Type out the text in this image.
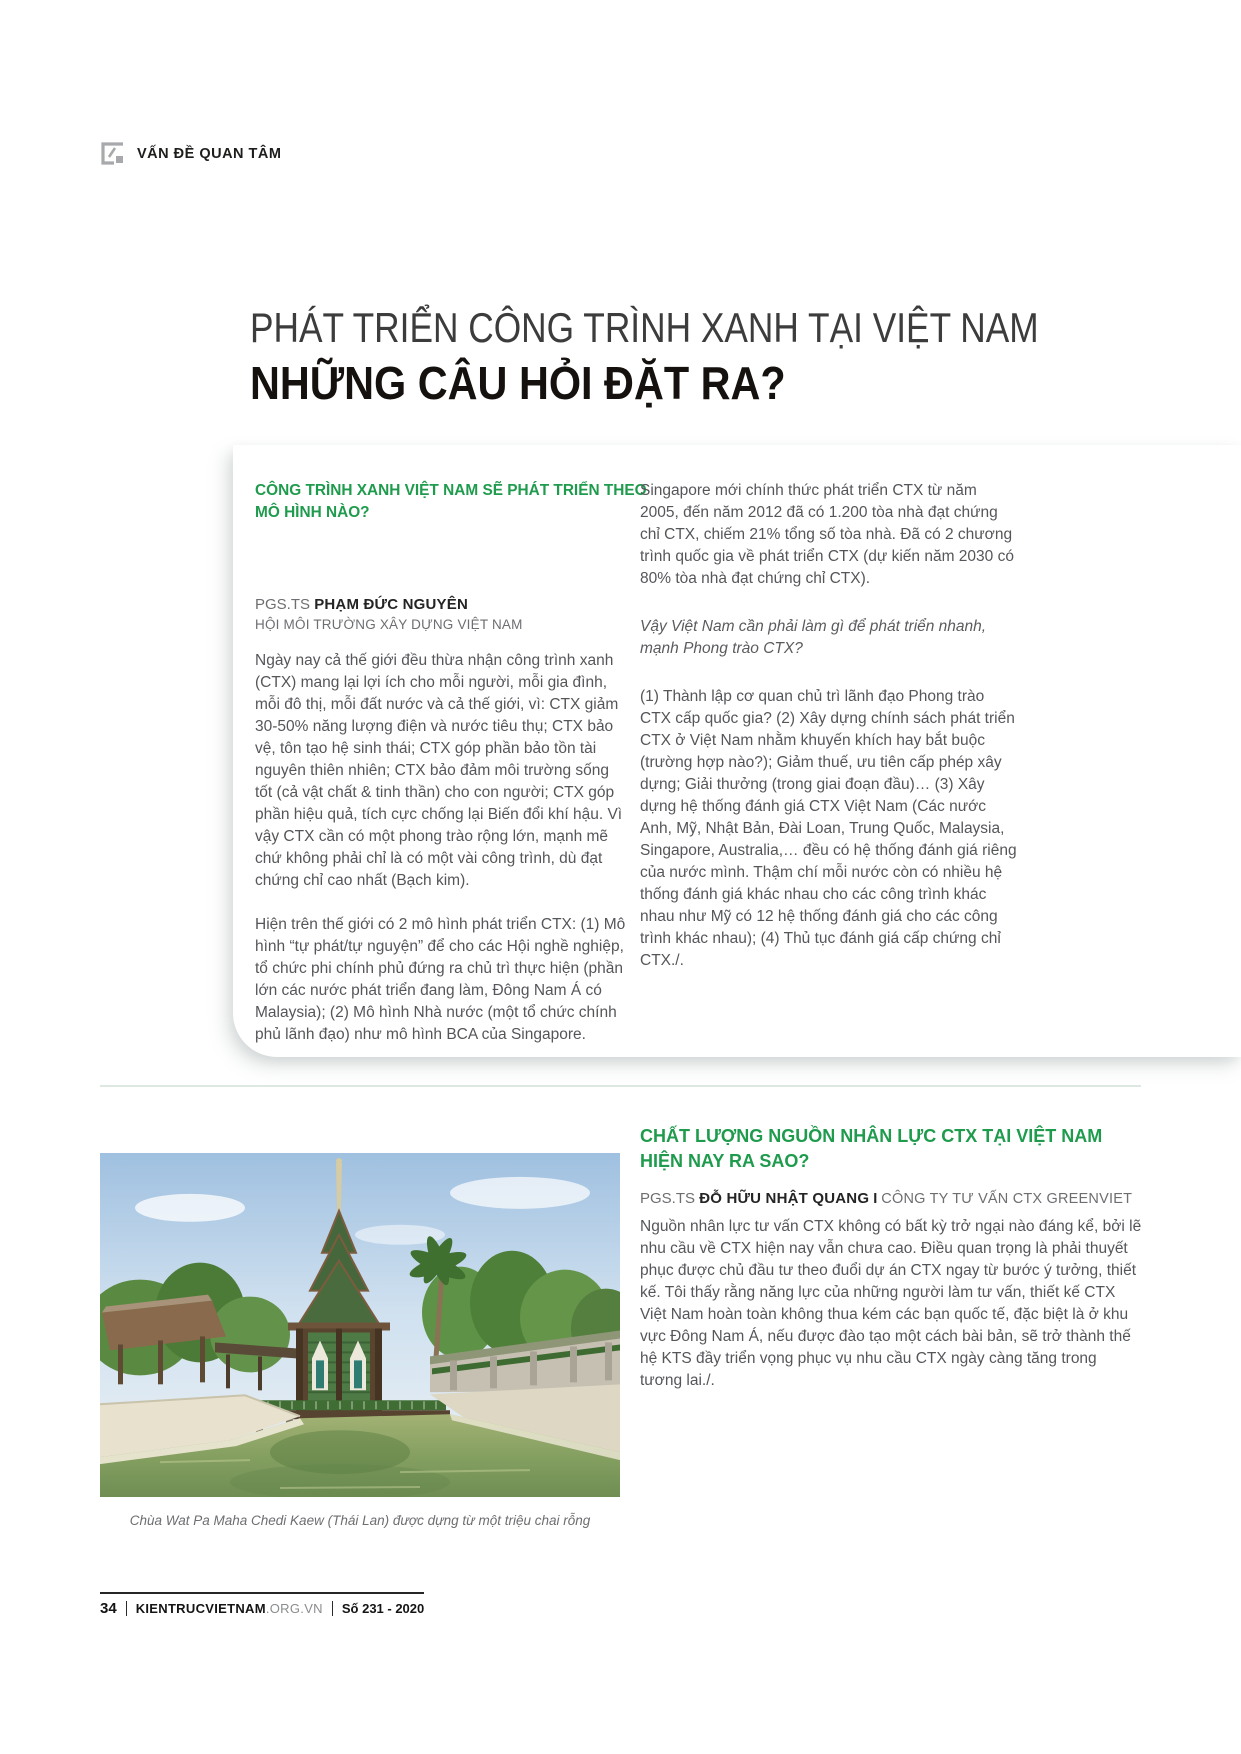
VẤN ĐỀ QUAN TÂM
PHÁT TRIỂN CÔNG TRÌNH XANH TẠI VIỆT NAM
NHỮNG CÂU HỎI ĐẶT RA?
CÔNG TRÌNH XANH VIỆT NAM SẼ PHÁT TRIỂN THEO MÔ HÌNH NÀO?
PGS.TS PHẠM ĐỨC NGUYÊN
HỘI MÔI TRƯỜNG XÂY DỰNG VIỆT NAM

Ngày nay cả thế giới đều thừa nhận công trình xanh (CTX) mang lại lợi ích cho mỗi người, mỗi gia đình, mỗi đô thị, mỗi đất nước và cả thế giới, vì: CTX giảm 30-50% năng lượng điện và nước tiêu thụ; CTX bảo vệ, tôn tạo hệ sinh thái; CTX góp phần bảo tồn tài nguyên thiên nhiên; CTX bảo đảm môi trường sống tốt (cả vật chất & tinh thần) cho con người; CTX góp phần hiệu quả, tích cực chống lại Biến đổi khí hậu. Vì vậy CTX cần có một phong trào rộng lớn, mạnh mẽ chứ không phải chỉ là có một vài công trình, dù đạt chứng chỉ cao nhất (Bạch kim).

Hiện trên thế giới có 2 mô hình phát triển CTX: (1) Mô hình “tự phát/tự nguyện” để cho các Hội nghề nghiệp, tổ chức phi chính phủ đứng ra chủ trì thực hiện (phần lớn các nước phát triển đang làm, Đông Nam Á có Malaysia); (2) Mô hình Nhà nước (một tổ chức chính phủ lãnh đạo) như mô hình BCA của Singapore.

Singapore mới chính thức phát triển CTX từ năm 2005, đến năm 2012 đã có 1.200 tòa nhà đạt chứng chỉ CTX, chiếm 21% tổng số tòa nhà. Đã có 2 chương trình quốc gia về phát triển CTX (dự kiến năm 2030 có 80% tòa nhà đạt chứng chỉ CTX).

Vậy Việt Nam cần phải làm gì để phát triển nhanh, mạnh Phong trào CTX?

(1) Thành lập cơ quan chủ trì lãnh đạo Phong trào CTX cấp quốc gia? (2) Xây dựng chính sách phát triển CTX ở Việt Nam nhằm khuyến khích hay bắt buộc (trường hợp nào?); Giảm thuế, ưu tiên cấp phép xây dựng; Giải thưởng (trong giai đoạn đầu)… (3) Xây dựng hệ thống đánh giá CTX Việt Nam (Các nước Anh, Mỹ, Nhật Bản, Đài Loan, Trung Quốc, Malaysia, Singapore, Australia,… đều có hệ thống đánh giá riêng của nước mình. Thậm chí mỗi nước còn có nhiều hệ thống đánh giá khác nhau cho các công trình khác nhau như Mỹ có 12 hệ thống đánh giá cho các công trình khác nhau); (4) Thủ tục đánh giá cấp chứng chỉ CTX./.

Chùa Wat Pa Maha Chedi Kaew (Thái Lan) được dựng từ một triệu chai rỗng
CHẤT LƯỢNG NGUỒN NHÂN LỰC CTX TẠI VIỆT NAM HIỆN NAY RA SAO?
PGS.TS ĐỖ HỮU NHẬT QUANG I CÔNG TY TƯ VẤN CTX GREENVIET

Nguồn nhân lực tư vấn CTX không có bất kỳ trở ngại nào đáng kể, bởi lẽ nhu cầu về CTX hiện nay vẫn chưa cao. Điều quan trọng là phải thuyết phục được chủ đầu tư theo đuổi dự án CTX ngay từ bước ý tưởng, thiết kế. Tôi thấy rằng năng lực của những người làm tư vấn, thiết kế CTX Việt Nam hoàn toàn không thua kém các bạn quốc tế, đặc biệt là ở khu vực Đông Nam Á, nếu được đào tạo một cách bài bản, sẽ trở thành thế hệ KTS đầy triển vọng phục vụ nhu cầu CTX ngày càng tăng trong tương lai./.

34 KIENTRUCVIETNAM.ORG.VN Số 231 - 2020
